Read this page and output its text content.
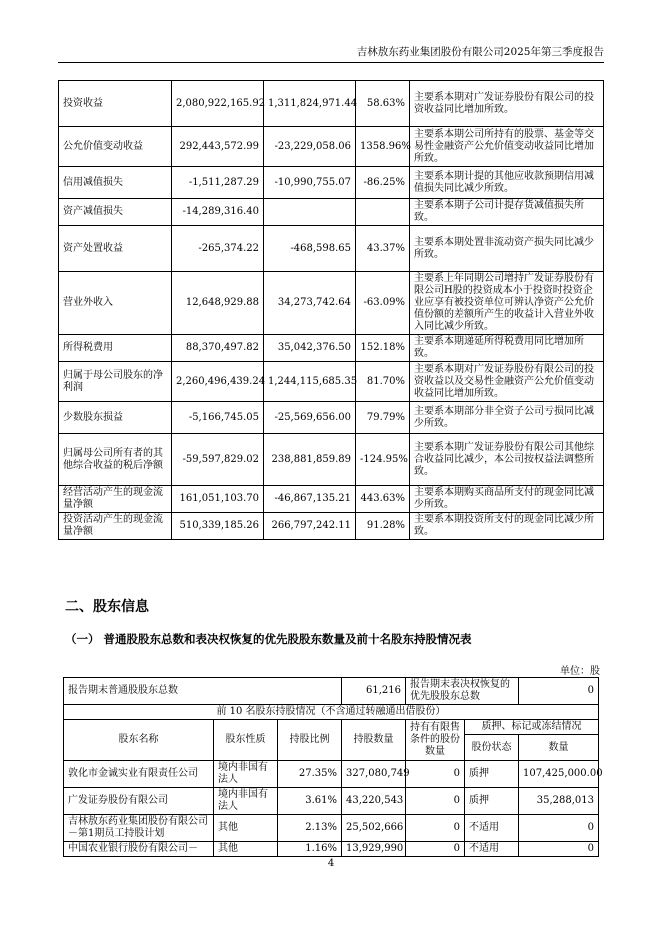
吉林敖东药业集团股份有限公司2025年第三季度报告
投资收益	2,080,922,165.92	1,311,824,971.44	58.63%	主要系本期对广发证券股份有限公司的投资收益同比增加所致。
公允价值变动收益	292,443,572.99	-23,229,058.06	1358.96%	主要系本期公司所持有的股票、基金等交易性金融资产公允价值变动收益同比增加所致。
信用减值损失	-1,511,287.29	-10,990,755.07	-86.25%	主要系本期计提的其他应收款预期信用减值损失同比减少所致。
资产减值损失	-14,289,316.40			主要系本期子公司计提存货减值损失所致。
资产处置收益	-265,374.22	-468,598.65	43.37%	主要系本期处置非流动资产损失同比减少所致。
营业外收入	12,648,929.88	34,273,742.64	-63.09%	主要系上年同期公司增持广发证券股份有限公司H股的投资成本小于投资时投资企业应享有被投资单位可辨认净资产公允价值份额的差额所产生的收益计入营业外收入同比减少所致。
所得税费用	88,370,497.82	35,042,376.50	152.18%	主要系本期递延所得税费用同比增加所致。
归属于母公司股东的净利润	2,260,496,439.24	1,244,115,685.35	81.70%	主要系本期对广发证券股份有限公司的投资收益以及交易性金融资产公允价值变动收益同比增加所致。
少数股东损益	-5,166,745.05	-25,569,656.00	79.79%	主要系本期部分非全资子公司亏损同比减少所致。
归属母公司所有者的其他综合收益的税后净额	-59,597,829.02	238,881,859.89	-124.95%	主要系本期广发证券股份有限公司其他综合收益同比减少，本公司按权益法调整所致。
经营活动产生的现金流量净额	161,051,103.70	-46,867,135.21	443.63%	主要系本期购买商品所支付的现金同比减少所致。
投资活动产生的现金流量净额	510,339,185.26	266,797,242.11	91.28%	主要系本期投资所支付的现金同比减少所致。
二、股东信息
（一） 普通股股东总数和表决权恢复的优先股股东数量及前十名股东持股情况表
单位：股
报告期末普通股股东总数			61,216	报告期末表决权恢复的优先股股东总数		0
前 10 名股东持股情况（不含通过转融通出借股份）						
股东名称	股东性质	持股比例	持股数量	持有有限售条件的股份数量	质押、标记或冻结情况	
					股份状态	数量
敦化市金诚实业有限责任公司	境内非国有法人	27.35%	327,080,749	0	质押	107,425,000.00
广发证券股份有限公司	境内非国有法人	3.61%	43,220,543	0	质押	35,288,013
吉林敖东药业集团股份有限公司－第1期员工持股计划	其他	2.13%	25,502,666	0	不适用	0
中国农业银行股份有限公司－	其他	1.16%	13,929,990	0	不适用	0
4
